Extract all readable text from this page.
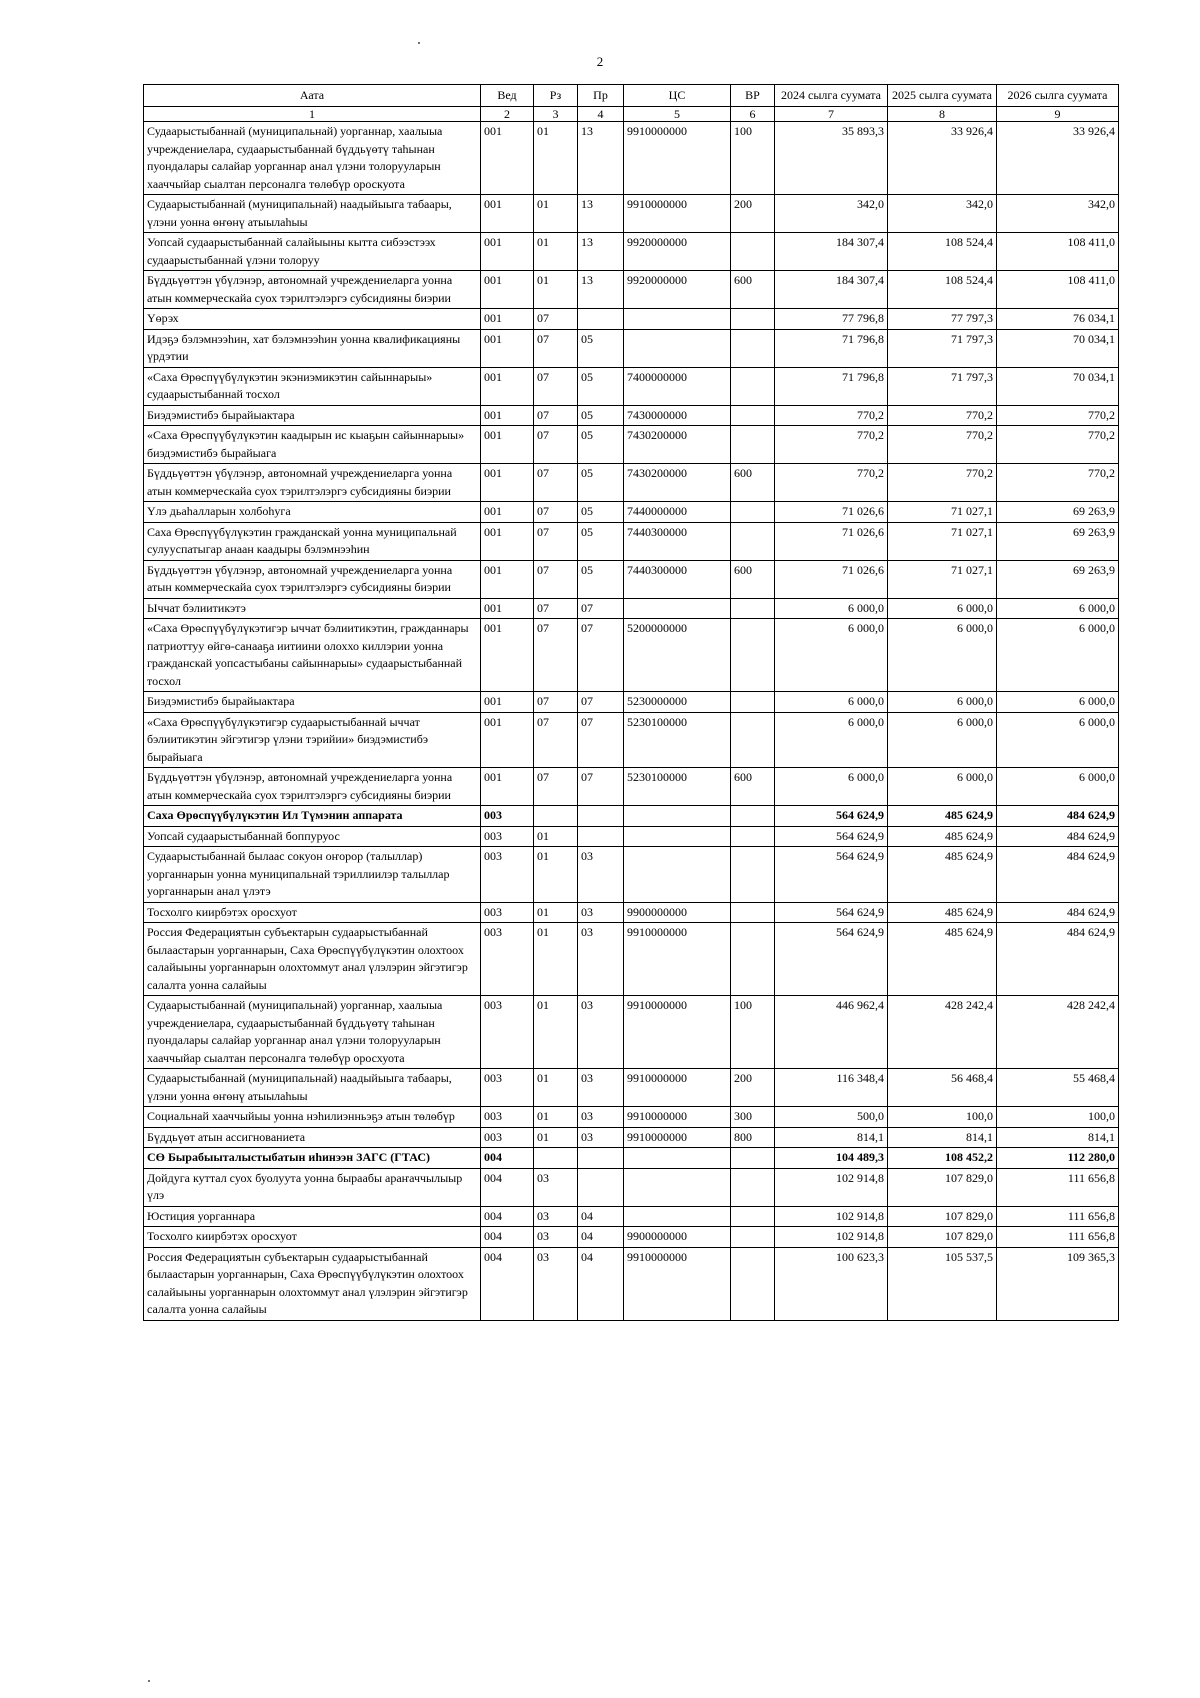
2
Аата	Вед	Рз	Пр	ЦС	ВР	2024 сылга суумата	2025 сылга суумата	2026 сылга суумата
1	2	3	4	5	6	7	8	9
Судаарыстыбаннай (муниципальнай) уорганнар, хаалыыа учреждениелара, судаарыстыбаннай бүддьүөтү таһынан пуондалары салайар уорганнар анал үлэни толорууларын хааччыйар сыалтан персоналга төлөбүр ороскуота	001	01	13	9910000000	100	35 893,3	33 926,4	33 926,4
Судаарыстыбаннай (муниципальнай) наадыйыыга табаары, үлэни уонна өҥөнү атыылаһыы	001	01	13	9910000000	200	342,0	342,0	342,0
Уопсай судаарыстыбаннай салайыыны кытта сибээстээх судаарыстыбаннай үлэни толоруу	001	01	13	9920000000		184 307,4	108 524,4	108 411,0
Бүддьүөттэн үбүлэнэр, автономнай учреждениеларга уонна атын коммерческайа суох тэрилтэлэргэ субсидияны биэрии	001	01	13	9920000000	600	184 307,4	108 524,4	108 411,0
Үөрэх	001	07				77 796,8	77 797,3	76 034,1
Идэҕэ бэлэмнээһин, хат бэлэмнээһин уонна квалификацияны үрдэтии	001	07	05			71 796,8	71 797,3	70 034,1
«Саха Өрөспүүбүлүкэтин экэниэмикэтин сайыннарыы» судаарыстыбаннай тосхол	001	07	05	7400000000		71 796,8	71 797,3	70 034,1
Биэдэмистибэ бырайыактара	001	07	05	7430000000		770,2	770,2	770,2
«Саха Өрөспүүбүлүкэтин каадырын ис кыаҕын сайыннарыы» биэдэмистибэ бырайыага	001	07	05	7430200000		770,2	770,2	770,2
Бүддьүөттэн үбүлэнэр, автономнай учреждениеларга уонна атын коммерческайа суох тэрилтэлэргэ субсидияны биэрии	001	07	05	7430200000	600	770,2	770,2	770,2
Үлэ дьаһалларын холбоһуга	001	07	05	7440000000		71 026,6	71 027,1	69 263,9
Саха Өрөспүүбүлүкэтин гражданскай уонна муниципальнай сулууспатыгар анаан каадыры бэлэмнээһин	001	07	05	7440300000		71 026,6	71 027,1	69 263,9
Бүддьүөттэн үбүлэнэр, автономнай учреждениеларга уонна атын коммерческайа суох тэрилтэлэргэ субсидияны биэрии	001	07	05	7440300000	600	71 026,6	71 027,1	69 263,9
Ыччат бэлиитикэтэ	001	07	07			6 000,0	6 000,0	6 000,0
«Саха Өрөспүүбүлүкэтигэр ыччат бэлиитикэтин, гражданнары патриоттуу өйгө-санааҕа иитиини олоххо киллэрии уонна гражданскай уопсастыбаны сайыннарыы» судаарыстыбаннай тосхол	001	07	07	5200000000		6 000,0	6 000,0	6 000,0
Биэдэмистибэ бырайыактара	001	07	07	5230000000		6 000,0	6 000,0	6 000,0
«Саха Өрөспүүбүлүкэтигэр судаарыстыбаннай ыччат бэлиитикэтин эйгэтигэр үлэни тэрийии» биэдэмистибэ бырайыага	001	07	07	5230100000		6 000,0	6 000,0	6 000,0
Бүддьүөттэн үбүлэнэр, автономнай учреждениеларга уонна атын коммерческайа суох тэрилтэлэргэ субсидияны биэрии	001	07	07	5230100000	600	6 000,0	6 000,0	6 000,0
Саха Өрөспүүбүлүкэтин Ил Түмэнин аппарата	003					564 624,9	485 624,9	484 624,9
Уопсай судаарыстыбаннай боппуруос	003	01				564 624,9	485 624,9	484 624,9
Судаарыстыбаннай былаас сокуон оҥорор (талыллар) уорганнарын уонна муниципальнай тэриллиилэр талыллар уорганнарын анал үлэтэ	003	01	03			564 624,9	485 624,9	484 624,9
Тосхолго киирбэтэх оросхуот	003	01	03	9900000000		564 624,9	485 624,9	484 624,9
Россия Федерациятын субъектарын судаарыстыбаннай былаастарын уорганнарын, Саха Өрөспүүбүлүкэтин олохтоох салайыыны уорганнарын олохтоммут анал үлэлэрин эйгэтигэр салалта уонна салайыы	003	01	03	9910000000		564 624,9	485 624,9	484 624,9
Судаарыстыбаннай (муниципальнай) уорганнар, хаалыыа учреждениелара, судаарыстыбаннай бүддьүөтү таһынан пуондалары салайар уорганнар анал үлэни толорууларын хааччыйар сыалтан персоналга төлөбүр оросхуота	003	01	03	9910000000	100	446 962,4	428 242,4	428 242,4
Судаарыстыбаннай (муниципальнай) наадыйыыга табаары, үлэни уонна өҥөнү атыылаһыы	003	01	03	9910000000	200	116 348,4	56 468,4	55 468,4
Социальнай хааччыйыы уонна нэһилиэнньэҕэ атын төлөбүр	003	01	03	9910000000	300	500,0	100,0	100,0
Бүддьүөт атын ассигнованиета	003	01	03	9910000000	800	814,1	814,1	814,1
СӨ Бырабыыталыстыбатын иһинээн ЗАГС (ГТАС)	004					104 489,3	108 452,2	112 280,0
Дойдуга куттал суох буолуута уонна быраабы араҥаччылыыр үлэ	004	03				102 914,8	107 829,0	111 656,8
Юстиция уорганнара	004	03	04			102 914,8	107 829,0	111 656,8
Тосхолго киирбэтэх оросхуот	004	03	04	9900000000		102 914,8	107 829,0	111 656,8
Россия Федерациятын субъектарын судаарыстыбаннай былаастарын уорганнарын, Саха Өрөспүүбүлүкэтин олохтоох салайыыны уорганнарын олохтоммут анал үлэлэрин эйгэтигэр салалта уонна салайыы	004	03	04	9910000000		100 623,3	105 537,5	109 365,3
